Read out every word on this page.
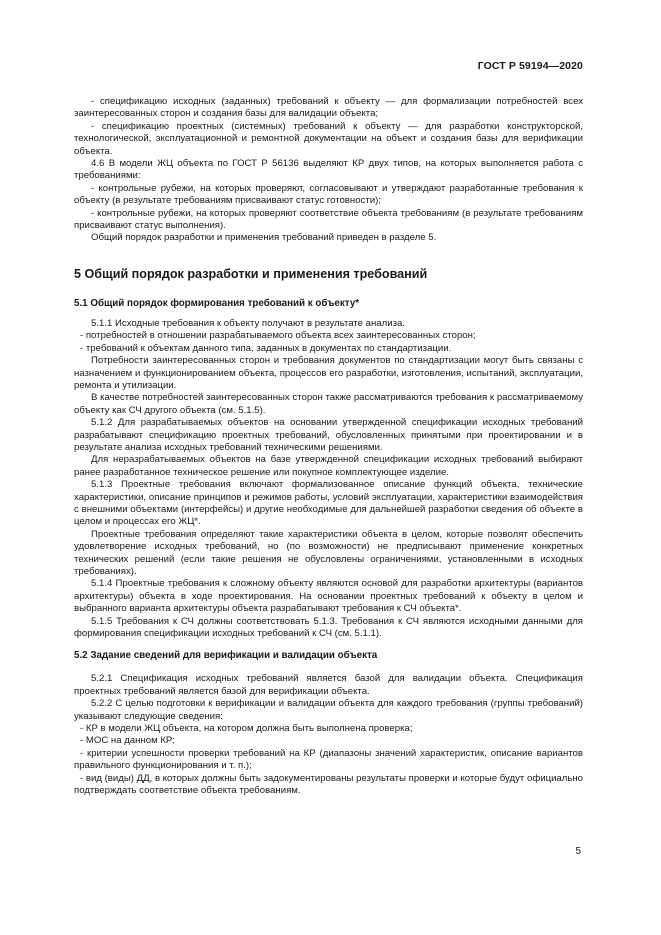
ГОСТ Р 59194—2020

- спецификацию исходных (заданных) требований к объекту — для формализации потребностей всех заинтересованных сторон и создания базы для валидации объекта;

- спецификацию проектных (системных) требований к объекту — для разработки конструкторской, технологической, эксплуатационной и ремонтной документации на объект и создания базы для верификации объекта.

4.6 В модели ЖЦ объекта по ГОСТ Р 56136 выделяют КР двух типов, на которых выполняется работа с требованиями:

- контрольные рубежи, на которых проверяют, согласовывают и утверждают разработанные требования к объекту (в результате требованиям присваивают статус готовности);

- контрольные рубежи, на которых проверяют соответствие объекта требованиям (в результате требованиям присваивают статус выполнения).

Общий порядок разработки и применения требований приведен в разделе 5.

5 Общий порядок разработки и применения требований
5.1 Общий порядок формирования требований к объекту*

5.1.1 Исходные требования к объекту получают в результате анализа.

- потребностей в отношении разрабатываемого объекта всех заинтересованных сторон;

- требований к объектам данного типа, заданных в документах по стандартизации.

Потребности заинтересованных сторон и требования документов по стандартизации могут быть связаны с назначением и функционированием объекта, процессов его разработки, изготовления, испытаний, эксплуатации, ремонта и утилизации.

В качестве потребностей заинтересованных сторон также рассматриваются требования к рассматриваемому объекту как СЧ другого объекта (см. 5.1.5).

5.1.2 Для разрабатываемых объектов на основании утвержденной спецификации исходных требований разрабатывают спецификацию проектных требований, обусловленных принятыми при проектировании и в результате анализа исходных требований техническими решениями.

Для неразрабатываемых объектов на базе утвержденной спецификации исходных требований выбирают ранее разработанное техническое решение или покупное комплектующее изделие.

5.1.3 Проектные требования включают формализованное описание функций объекта, технические характеристики, описание принципов и режимов работы, условий эксплуатации, характеристики взаимодействия с внешними объектами (интерфейсы) и другие необходимые для дальнейшей разработки сведения об объекте в целом и процессах его ЖЦ*.

Проектные требования определяют такие характеристики объекта в целом, которые позволят обеспечить удовлетворение исходных требований, но (по возможности) не предписывают применение конкретных технических решений (если такие решения не обусловлены ограничениями, установленными в исходных требованиях).

5.1.4 Проектные требования к сложному объекту являются основой для разработки архитектуры (вариантов архитектуры) объекта в ходе проектирования. На основании проектных требований к объекту в целом и выбранного варианта архитектуры объекта разрабатывают требования к СЧ объекта*.

5.1.5 Требования к СЧ должны соответствовать 5.1.3. Требования к СЧ являются исходными данными для формирования спецификации исходных требований к СЧ (см. 5.1.1).

5.2 Задание сведений для верификации и валидации объекта

5.2.1 Спецификация исходных требований является базой для валидации объекта. Спецификация проектных требований является базой для верификации объекта.

5.2.2 С целью подготовки к верификации и валидации объекта для каждого требования (группы требований) указывают следующие сведения:

- КР в модели ЖЦ объекта, на котором должна быть выполнена проверка;

- МОС на данном КР;

- критерии успешности проверки требований на КР (диапазоны значений характеристик, описание вариантов правильного функционирования и т. п.);

- вид (виды) ДД, в которых должны быть задокументированы результаты проверки и которые будут официально подтверждать соответствие объекта требованиям.

5
